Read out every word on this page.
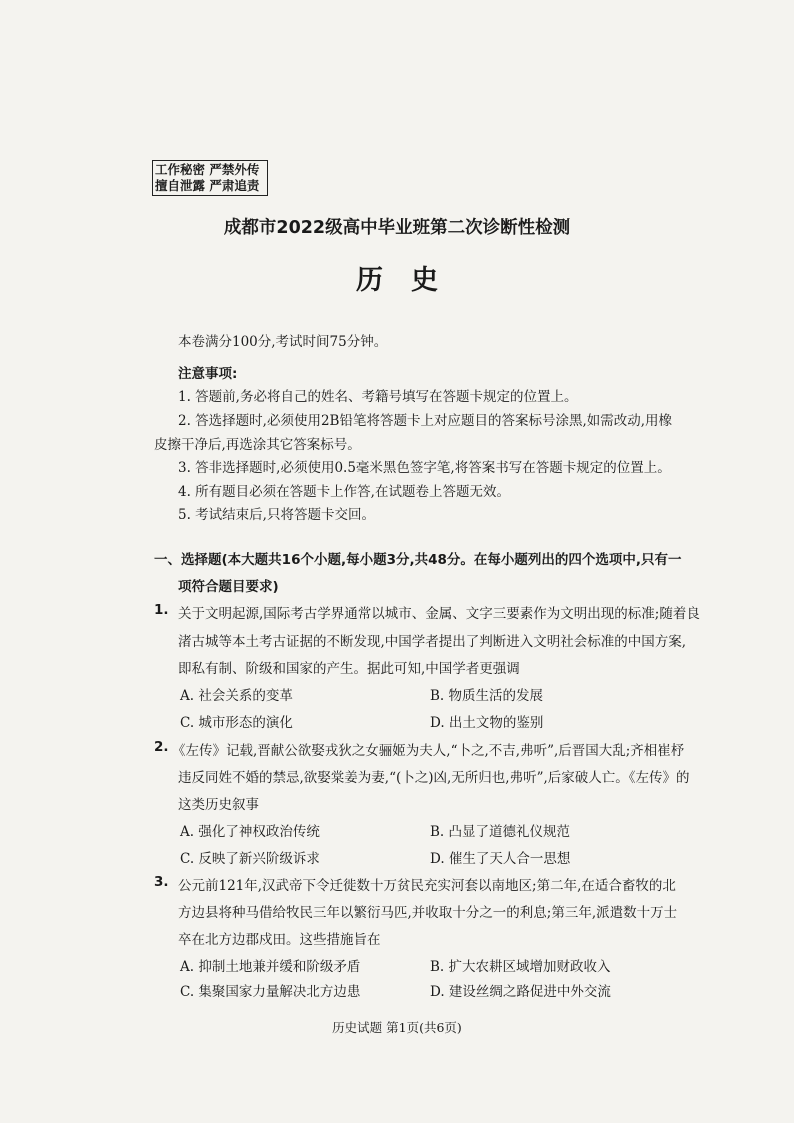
工作秘密 严禁外传
擅自泄露 严肃追责
成都市2022级高中毕业班第二次诊断性检测
历史
本卷满分100分,考试时间75分钟。
注意事项:
1. 答题前,务必将自己的姓名、考籍号填写在答题卡规定的位置上。
2. 答选择题时,必须使用2B铅笔将答题卡上对应题目的答案标号涂黑,如需改动,用橡
皮擦干净后,再选涂其它答案标号。
3. 答非选择题时,必须使用0.5毫米黑色签字笔,将答案书写在答题卡规定的位置上。
4. 所有题目必须在答题卡上作答,在试题卷上答题无效。
5. 考试结束后,只将答题卡交回。
一、选择题(本大题共16个小题,每小题3分,共48分。在每小题列出的四个选项中,只有一
项符合题目要求)
1. 关于文明起源,国际考古学界通常以城市、金属、文字三要素作为文明出现的标准;随着良
渚古城等本土考古证据的不断发现,中国学者提出了判断进入文明社会标准的中国方案,
即私有制、阶级和国家的产生。据此可知,中国学者更强调
A. 社会关系的变革	B. 物质生活的发展
C. 城市形态的演化	D. 出土文物的鉴别
2. 《左传》记载,晋献公欲娶戎狄之女骊姬为夫人,“卜之,不吉,弗听”,后晋国大乱;齐相崔杼
违反同姓不婚的禁忌,欲娶棠姜为妻,“(卜之)凶,无所归也,弗听”,后家破人亡。《左传》的
这类历史叙事
A. 强化了神权政治传统	B. 凸显了道德礼仪规范
C. 反映了新兴阶级诉求	D. 催生了天人合一思想
3. 公元前121年,汉武帝下令迁徙数十万贫民充实河套以南地区;第二年,在适合畜牧的北
方边县将种马借给牧民三年以繁衍马匹,并收取十分之一的利息;第三年,派遣数十万士
卒在北方边郡戍田。这些措施旨在
A. 抑制土地兼并缓和阶级矛盾	B. 扩大农耕区域增加财政收入
C. 集聚国家力量解决北方边患	D. 建设丝绸之路促进中外交流
历史试题 第1页(共6页)
